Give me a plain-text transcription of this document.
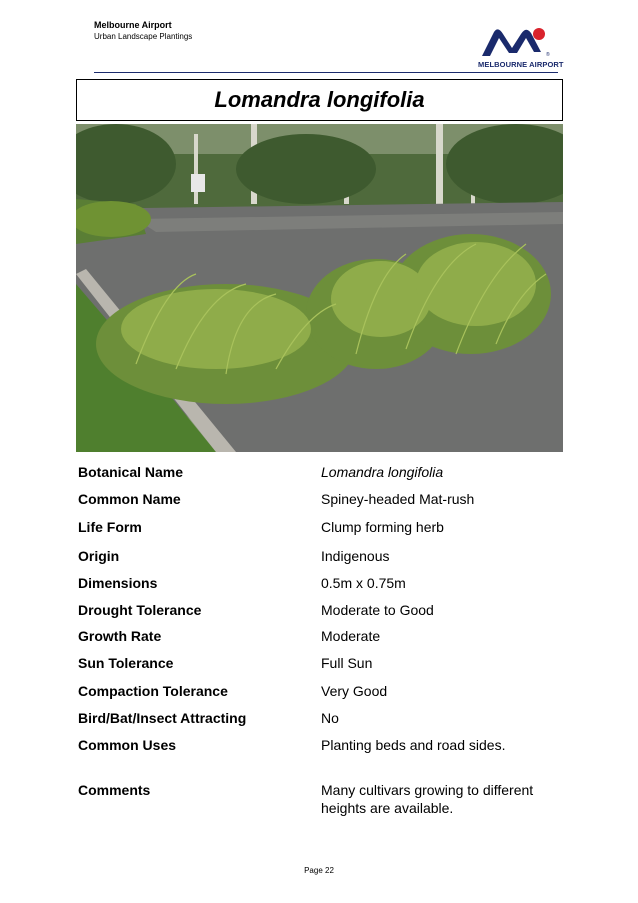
Melbourne Airport
Urban Landscape Plantings
®
MELBOURNE AIRPORT
Lomandra longifolia
Botanical Name	Lomandra longifolia
Common Name	Spiney-headed Mat-rush
Life Form	Clump forming herb
Origin	Indigenous
Dimensions	0.5m x 0.75m
Drought Tolerance	Moderate to Good
Growth Rate	Moderate
Sun Tolerance	Full Sun
Compaction Tolerance	Very Good
Bird/Bat/Insect Attracting	No
Common Uses	Planting beds and road sides.
Comments	Many cultivars growing to different
heights are available.
Page 22
